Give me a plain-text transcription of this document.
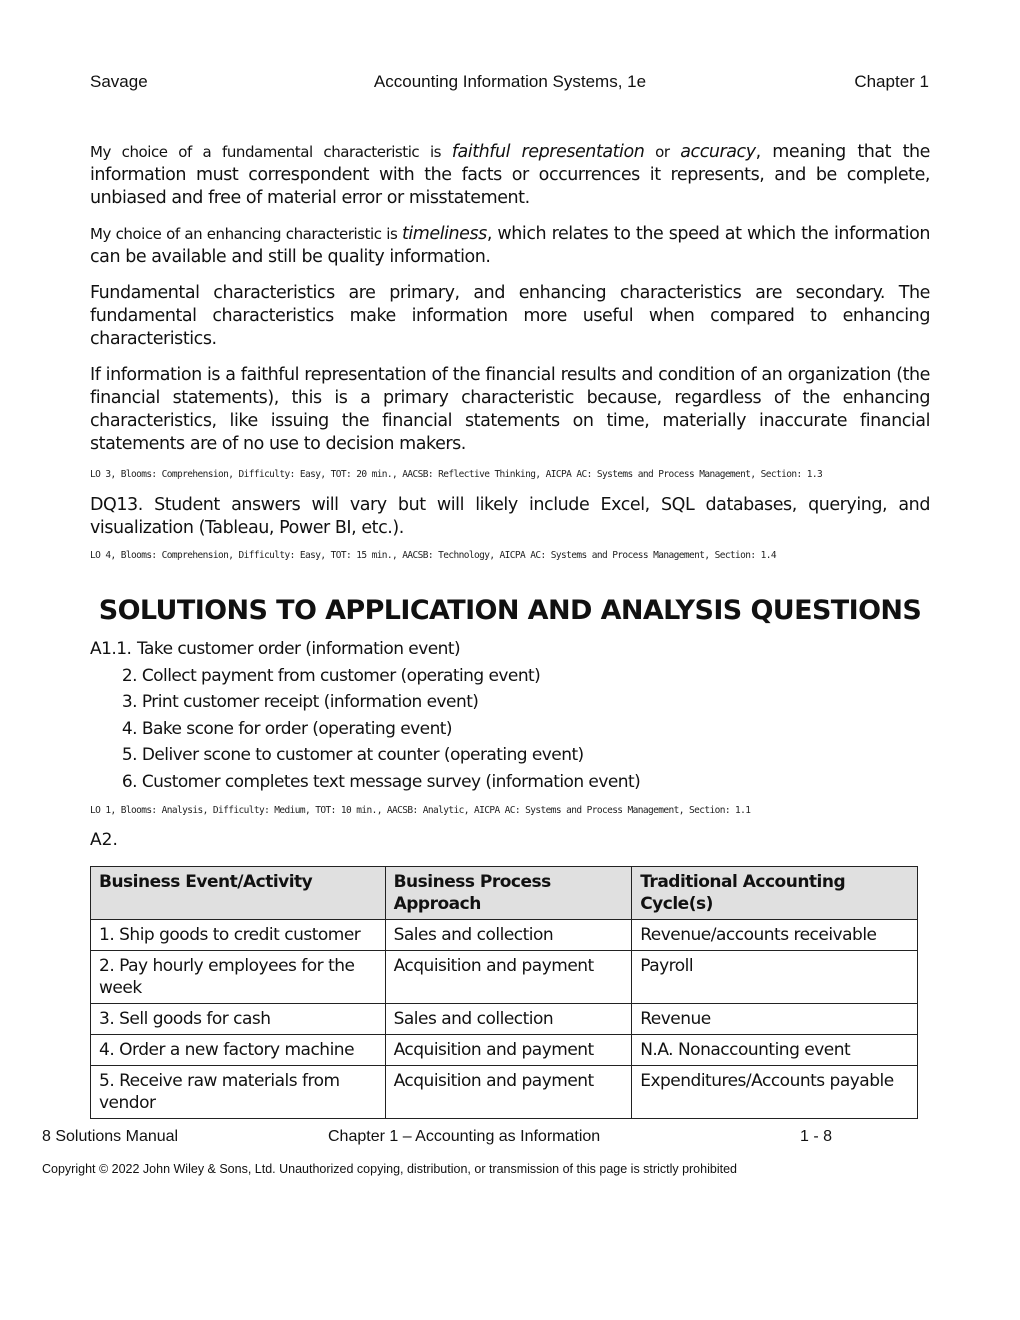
Savage	Accounting Information Systems, 1e	Chapter 1

My choice of a fundamental characteristic is faithful representation or accuracy, meaning that the information must correspondent with the facts or occurrences it represents, and be complete, unbiased and free of material error or misstatement.

My choice of an enhancing characteristic is timeliness, which relates to the speed at which the information can be available and still be quality information.

Fundamental characteristics are primary, and enhancing characteristics are secondary. The fundamental characteristics make information more useful when compared to enhancing characteristics.

If information is a faithful representation of the financial results and condition of an organization (the financial statements), this is a primary characteristic because, regardless of the enhancing characteristics, like issuing the financial statements on time, materially inaccurate financial statements are of no use to decision makers.

LO 3, Blooms: Comprehension, Difficulty: Easy, TOT: 20 min., AACSB: Reflective Thinking, AICPA AC: Systems and Process Management, Section: 1.3

DQ13. Student answers will vary but will likely include Excel, SQL databases, querying, and visualization (Tableau, Power BI, etc.).

LO 4, Blooms: Comprehension, Difficulty: Easy, TOT: 15 min., AACSB: Technology, AICPA AC: Systems and Process Management, Section: 1.4
SOLUTIONS TO APPLICATION AND ANALYSIS QUESTIONS
A1.1. Take customer order (information event)
2. Collect payment from customer (operating event)
3. Print customer receipt (information event)
4. Bake scone for order (operating event)
5. Deliver scone to customer at counter (operating event)
6. Customer completes text message survey (information event)
LO 1, Blooms: Analysis, Difficulty: Medium, TOT: 10 min., AACSB: Analytic, AICPA AC: Systems and Process Management, Section: 1.1
A2.
Business Event/Activity	Business Process Approach	Traditional Accounting Cycle(s)
1. Ship goods to credit customer	Sales and collection	Revenue/accounts receivable
2. Pay hourly employees for the week	Acquisition and payment	Payroll
3. Sell goods for cash	Sales and collection	Revenue
4. Order a new factory machine	Acquisition and payment	N.A. Nonaccounting event
5. Receive raw materials from vendor	Acquisition and payment	Expenditures/Accounts payable
8 Solutions Manual	Chapter 1 – Accounting as Information	1 - 8
Copyright © 2022 John Wiley & Sons, Ltd. Unauthorized copying, distribution, or transmission of this page is strictly prohibited
